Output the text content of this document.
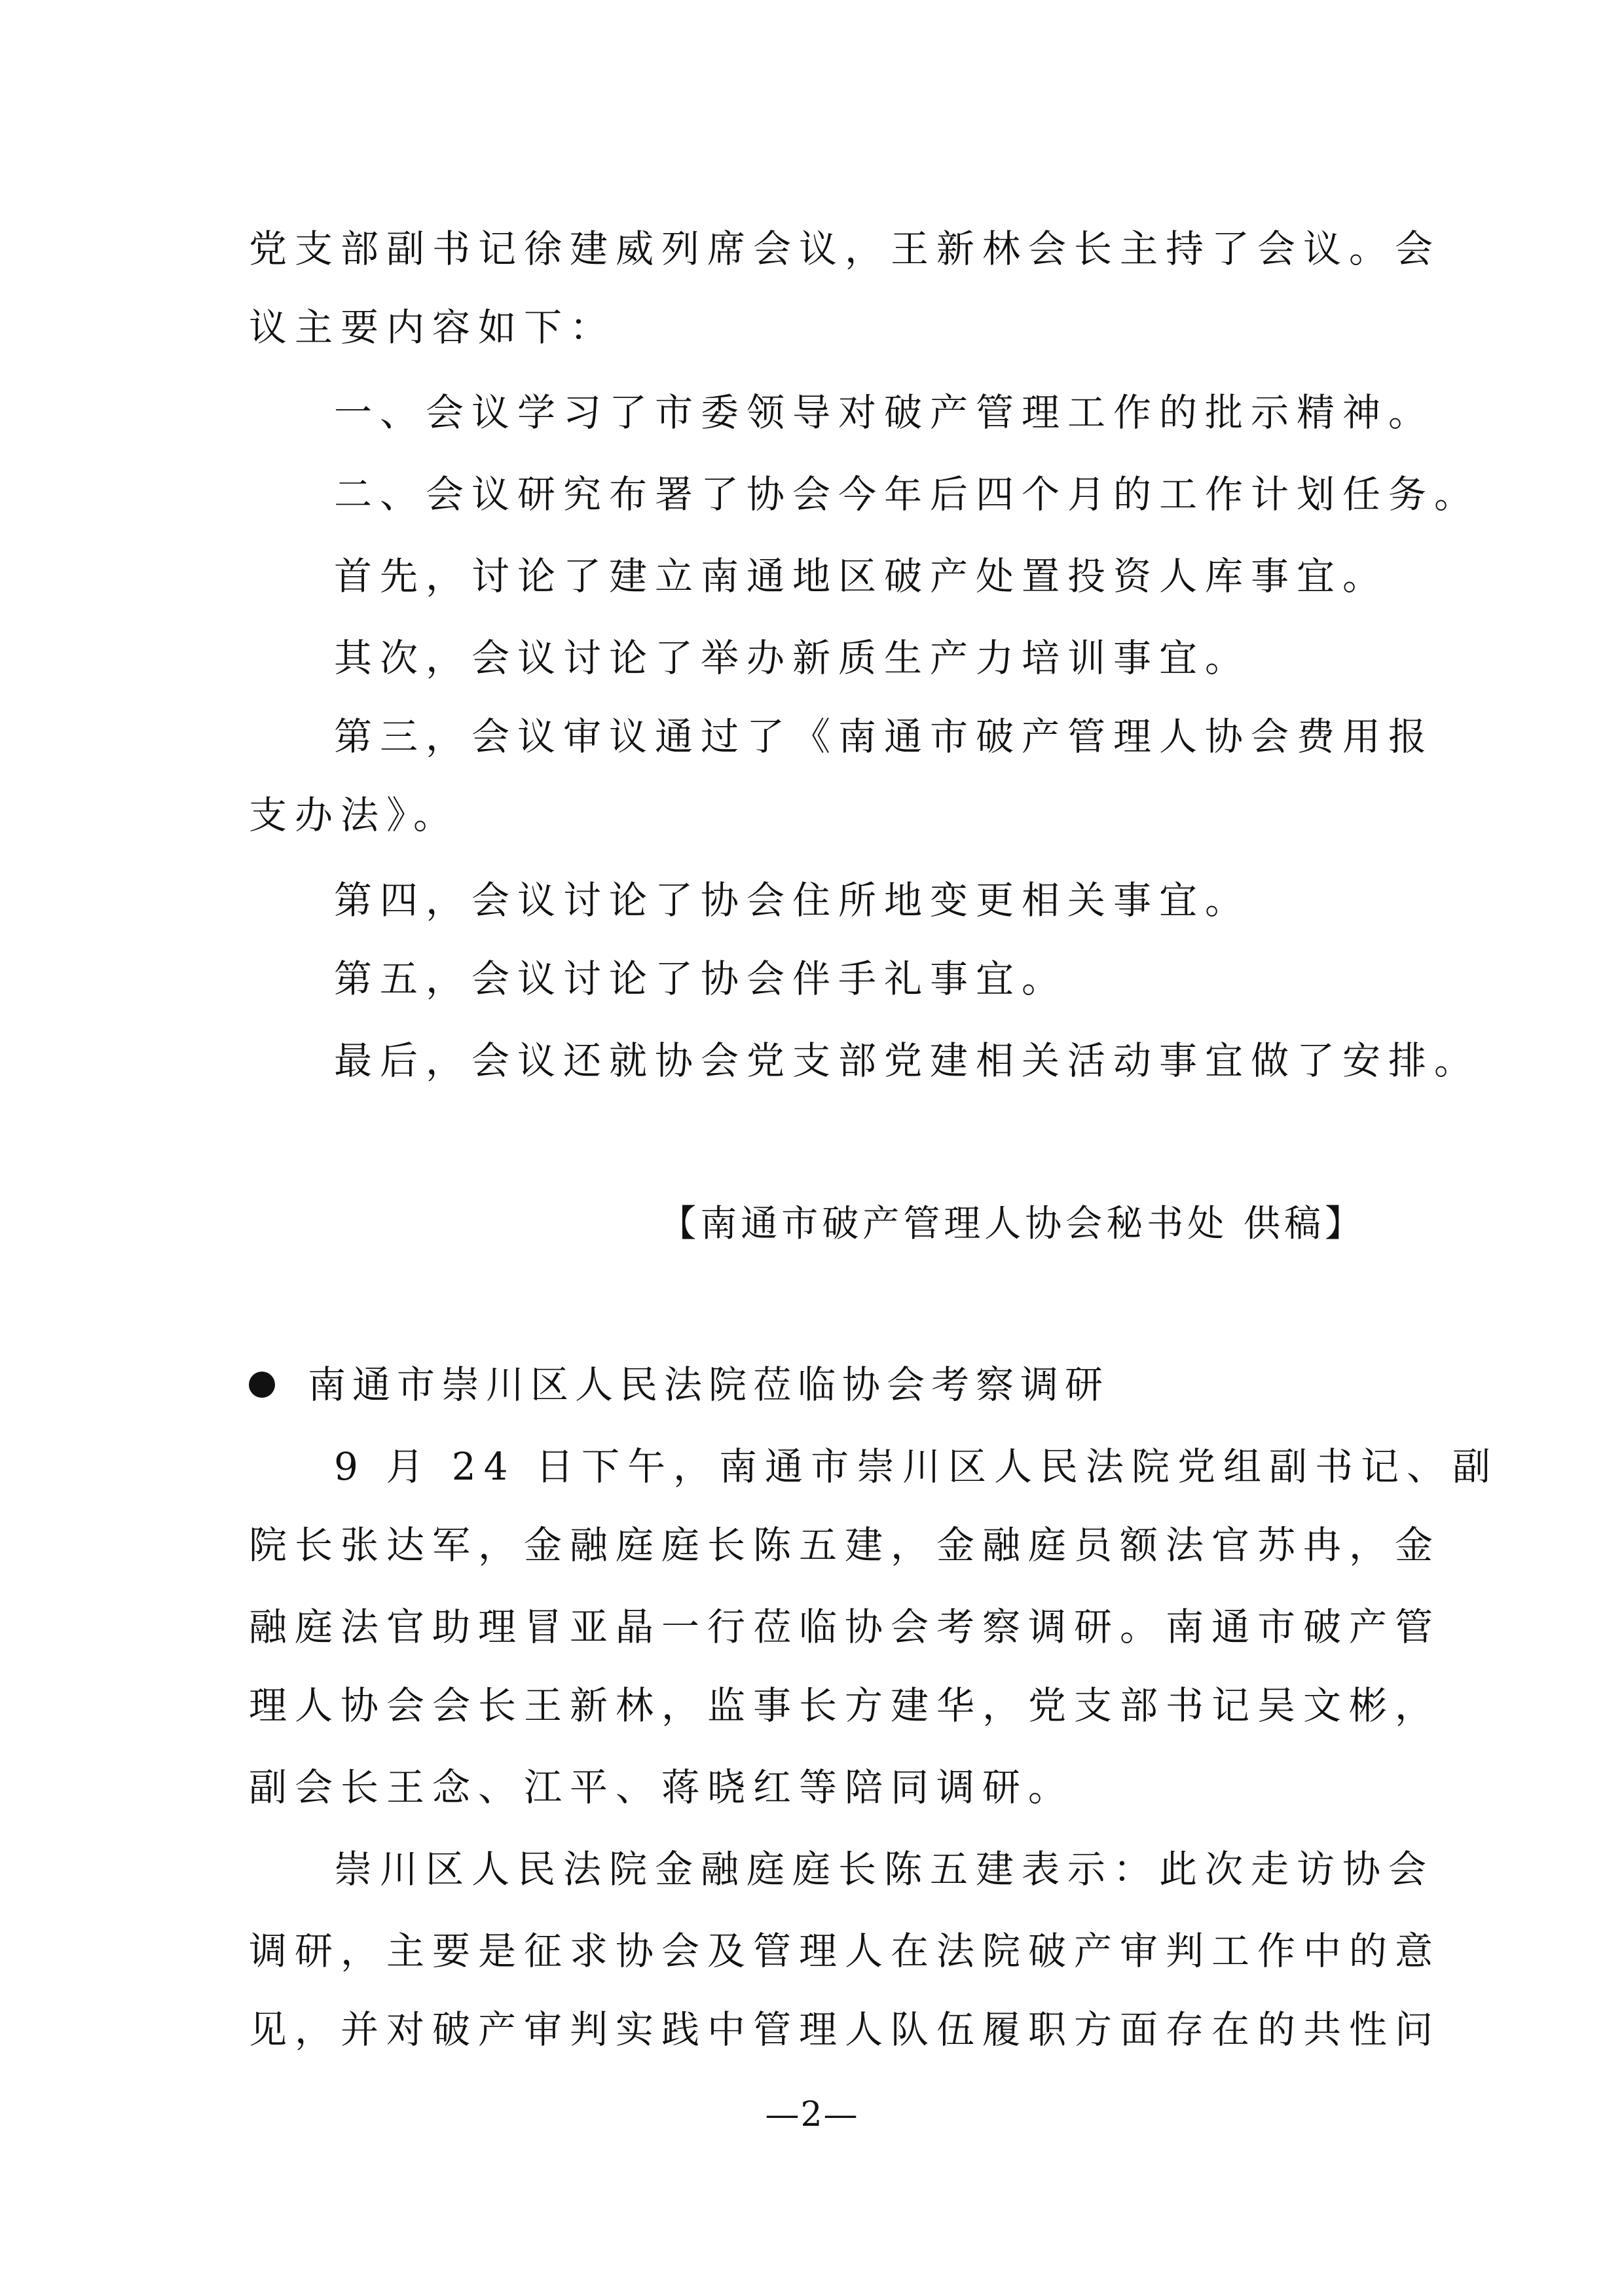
党支部副书记徐建威列席会议，王新林会长主持了会议。会
议主要内容如下：
一、会议学习了市委领导对破产管理工作的批示精神。
二、会议研究布署了协会今年后四个月的工作计划任务。
首先，讨论了建立南通地区破产处置投资人库事宜。
其次，会议讨论了举办新质生产力培训事宜。
第三，会议审议通过了《南通市破产管理人协会费用报
支办法》。
第四，会议讨论了协会住所地变更相关事宜。
第五，会议讨论了协会伴手礼事宜。
最后，会议还就协会党支部党建相关活动事宜做了安排。
【南通市破产管理人协会秘书处 供稿】
南通市崇川区人民法院莅临协会考察调研
9 月 24 日下午，南通市崇川区人民法院党组副书记、副
院长张达军，金融庭庭长陈五建，金融庭员额法官苏冉，金
融庭法官助理冒亚晶一行莅临协会考察调研。南通市破产管
理人协会会长王新林，监事长方建华，党支部书记吴文彬，
副会长王念、江平、蒋晓红等陪同调研。
崇川区人民法院金融庭庭长陈五建表示：此次走访协会
调研，主要是征求协会及管理人在法院破产审判工作中的意
见，并对破产审判实践中管理人队伍履职方面存在的共性问
—2—
